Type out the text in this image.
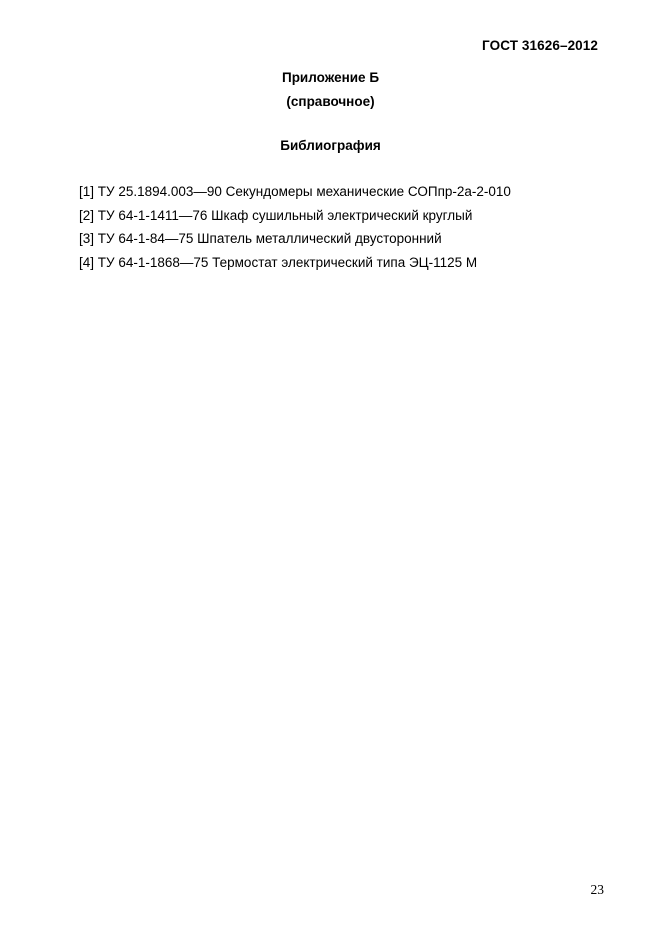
ГОСТ 31626–2012
Приложение Б
(справочное)
Библиография
[1] ТУ 25.1894.003—90 Секундомеры механические СОПпр-2а-2-010
[2] ТУ 64-1-1411—76 Шкаф сушильный электрический круглый
[3] ТУ 64-1-84—75 Шпатель металлический двусторонний
[4] ТУ 64-1-1868—75 Термостат электрический типа ЭЦ-1125 М
23
